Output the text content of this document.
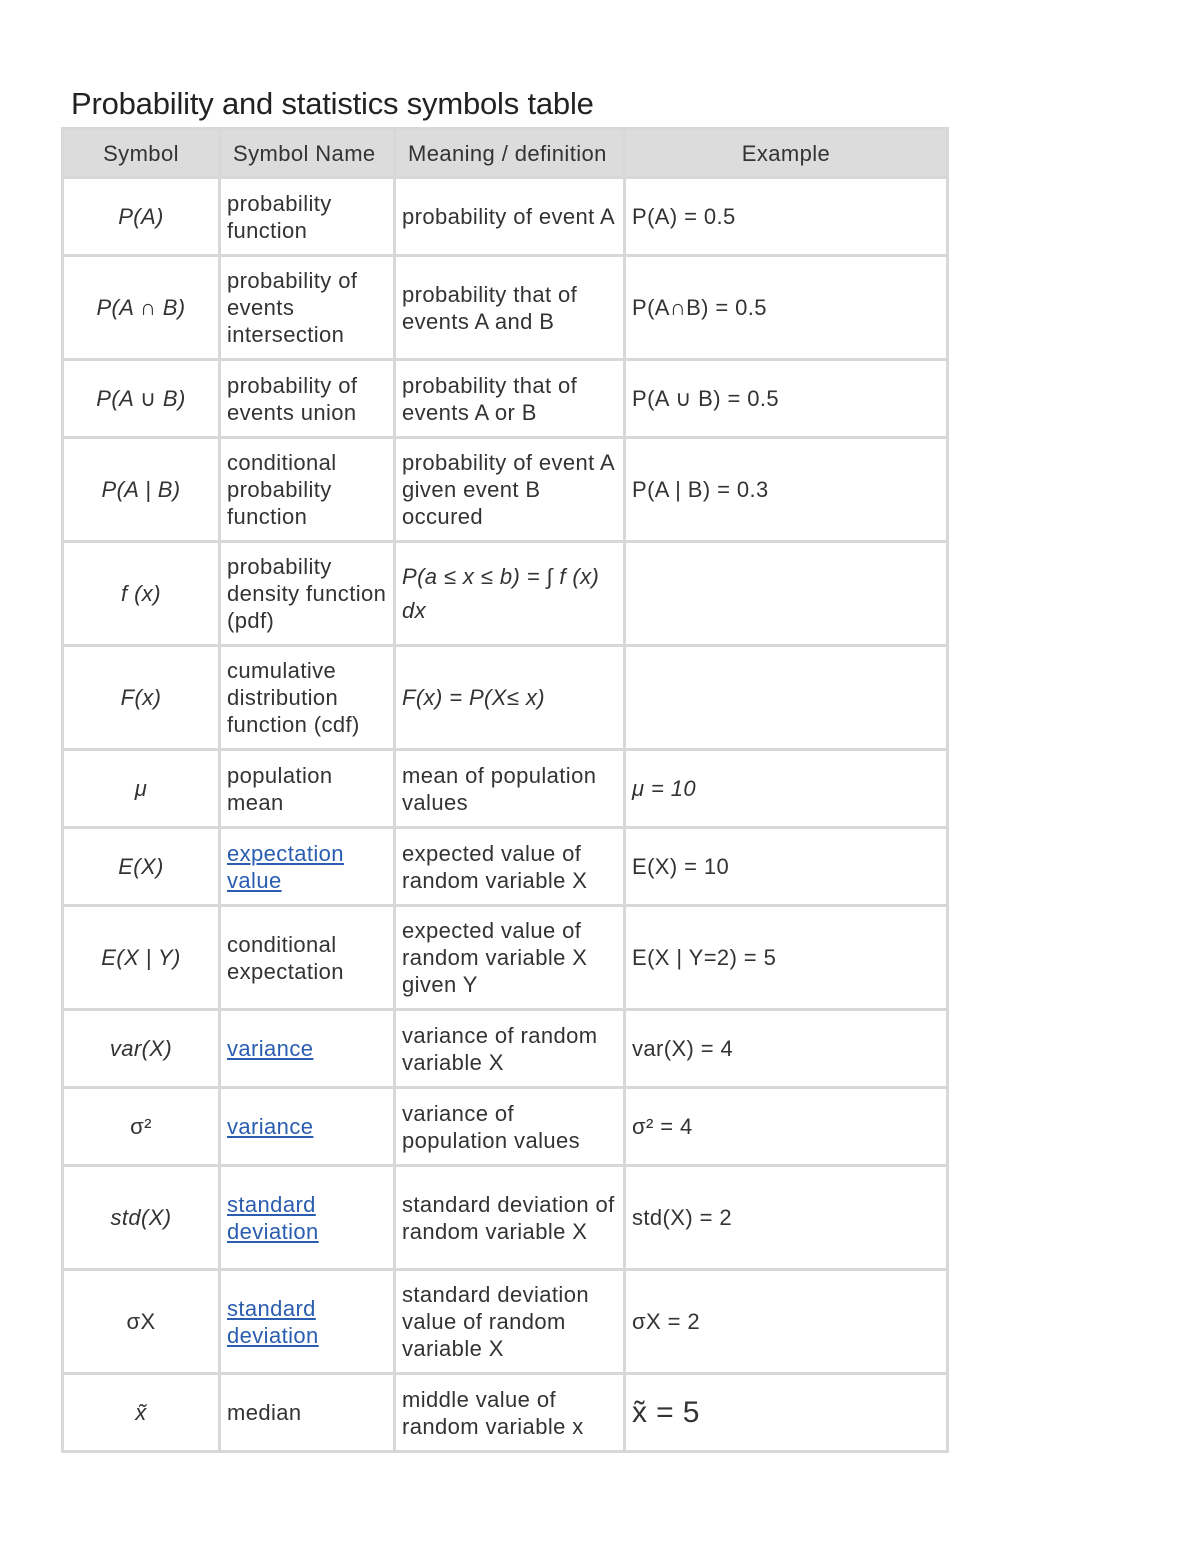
Probability and statistics symbols table
Symbol	Symbol Name	Meaning / definition	Example
P(A)	probability function	probability of event A	P(A) = 0.5
P(A ∩ B)	probability of events intersection	probability that of events A and B	P(A∩B) = 0.5
P(A ∪ B)	probability of events union	probability that of events A or B	P(A ∪ B) = 0.5
P(A | B)	conditional probability function	probability of event A given event B occured	P(A | B) = 0.3
f (x)	probability density function (pdf)	P(a ≤ x ≤ b) = ∫ f (x) dx	

F(x)	cumulative distribution function (cdf)	F(x) = P(X≤ x)	
μ	population mean	mean of population values	μ = 10
E(X)	expectation value	expected value of random variable X	E(X) = 10
E(X | Y)	conditional expectation	expected value of random variable X given Y	E(X | Y=2) = 5
var(X)	variance	variance of random variable X	var(X) = 4
σ²	variance	variance of population values	σ² = 4
std(X)	standard deviation	standard deviation of random variable X	std(X) = 2
σX	standard deviation	standard deviation value of random variable X	σX = 2
x̃	median	middle value of random variable x	x̃ = 5
